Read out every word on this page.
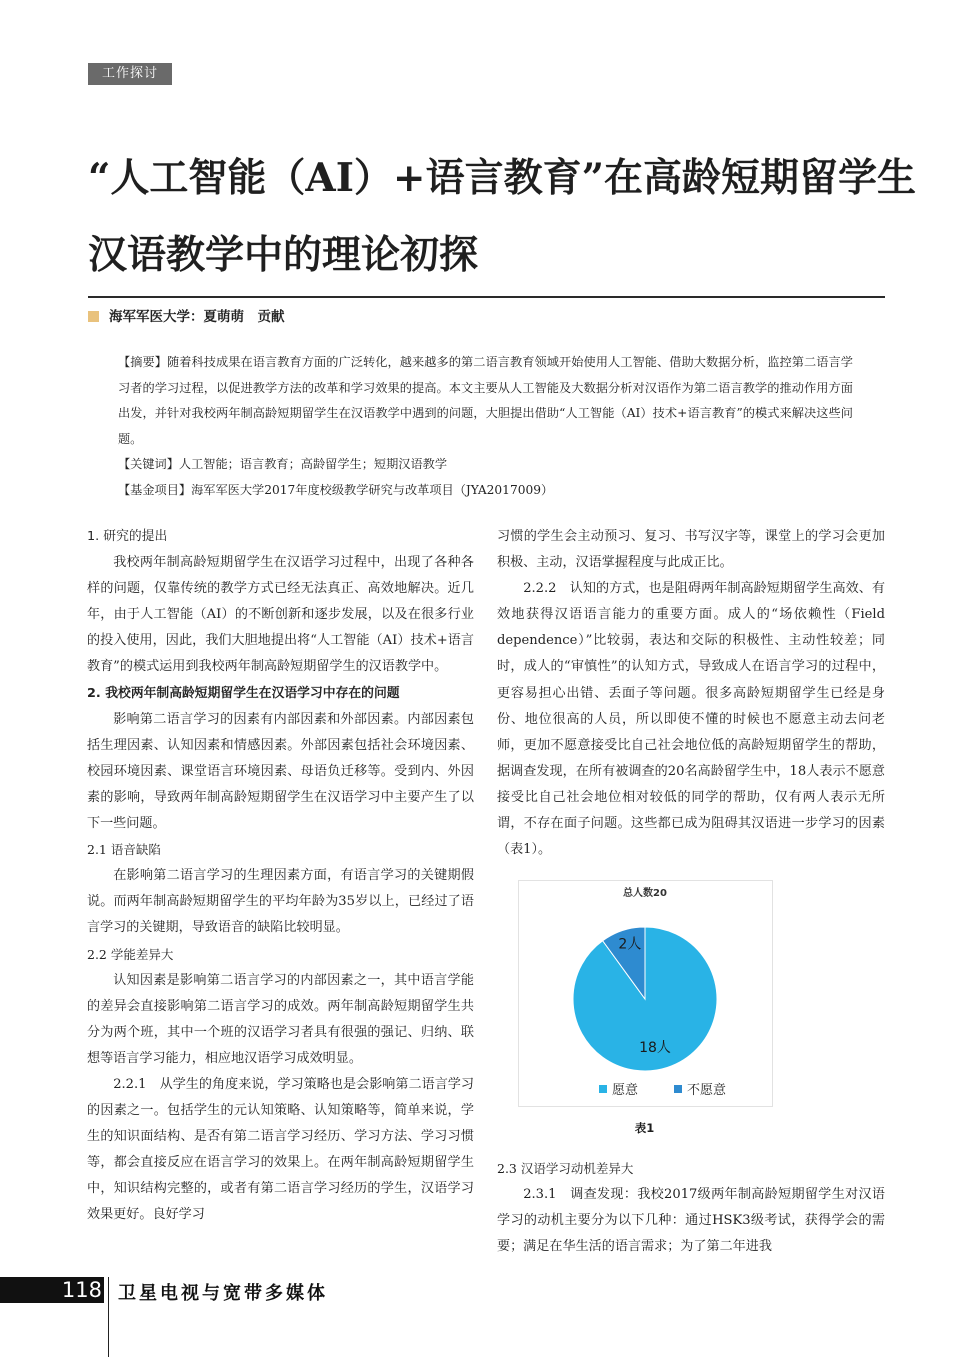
工作探讨
“人工智能（AI）+语言教育”在高龄短期留学生
汉语教学中的理论初探
海军军医大学：夏萌萌　贡献

【摘要】随着科技成果在语言教育方面的广泛转化，越来越多的第二语言教育领域开始使用人工智能、借助大数据分析，监控第二语言学习者的学习过程，以促进教学方法的改革和学习效果的提高。本文主要从人工智能及大数据分析对汉语作为第二语言教学的推动作用方面出发，并针对我校两年制高龄短期留学生在汉语教学中遇到的问题，大胆提出借助“人工智能（AI）技术+语言教育”的模式来解决这些问题。

【关键词】人工智能；语言教育；高龄留学生；短期汉语教学

【基金项目】海军军医大学2017年度校级教学研究与改革项目（JYA2017009）

1. 研究的提出

我校两年制高龄短期留学生在汉语学习过程中，出现了各种各样的问题，仅靠传统的教学方式已经无法真正、高效地解决。近几年，由于人工智能（AI）的不断创新和逐步发展，以及在很多行业的投入使用，因此，我们大胆地提出将“人工智能（AI）技术+语言教育”的模式运用到我校两年制高龄短期留学生的汉语教学中。

2. 我校两年制高龄短期留学生在汉语学习中存在的问题

影响第二语言学习的因素有内部因素和外部因素。内部因素包括生理因素、认知因素和情感因素。外部因素包括社会环境因素、校园环境因素、课堂语言环境因素、母语负迁移等。受到内、外因素的影响，导致两年制高龄短期留学生在汉语学习中主要产生了以下一些问题。

2.1 语音缺陷

在影响第二语言学习的生理因素方面，有语言学习的关键期假说。而两年制高龄短期留学生的平均年龄为35岁以上，已经过了语言学习的关键期，导致语音的缺陷比较明显。

2.2 学能差异大

认知因素是影响第二语言学习的内部因素之一，其中语言学能的差异会直接影响第二语言学习的成效。两年制高龄短期留学生共分为两个班，其中一个班的汉语学习者具有很强的强记、归纳、联想等语言学习能力，相应地汉语学习成效明显。

2.2.1　从学生的角度来说，学习策略也是会影响第二语言学习的因素之一。包括学生的元认知策略、认知策略等，简单来说，学生的知识面结构、是否有第二语言学习经历、学习方法、学习习惯等，都会直接反应在语言学习的效果上。在两年制高龄短期留学生中，知识结构完整的，或者有第二语言学习经历的学生，汉语学习效果更好。良好学习

习惯的学生会主动预习、复习、书写汉字等，课堂上的学习会更加积极、主动，汉语掌握程度与此成正比。

2.2.2　认知的方式，也是阻碍两年制高龄短期留学生高效、有效地获得汉语语言能力的重要方面。成人的“场依赖性（Field dependence）”比较弱，表达和交际的积极性、主动性较差；同时，成人的“审慎性”的认知方式，导致成人在语言学习的过程中，更容易担心出错、丢面子等问题。很多高龄短期留学生已经是身份、地位很高的人员，所以即使不懂的时候也不愿意主动去问老师，更加不愿意接受比自己社会地位低的高龄短期留学生的帮助，据调查发现，在所有被调查的20名高龄留学生中，18人表示不愿意接受比自己社会地位相对较低的同学的帮助，仅有两人表示无所谓，不存在面子问题。这些都已成为阻碍其汉语进一步学习的因素（表1）。

总人数20
18人
2人
愿意	不愿意
表1

2.3 汉语学习动机差异大

2.3.1　调查发现：我校2017级两年制高龄短期留学生对汉语学习的动机主要分为以下几种：通过HSK3级考试，获得学会的需要；满足在华生活的语言需求；为了第二年进我

118 卫星电视与宽带多媒体
